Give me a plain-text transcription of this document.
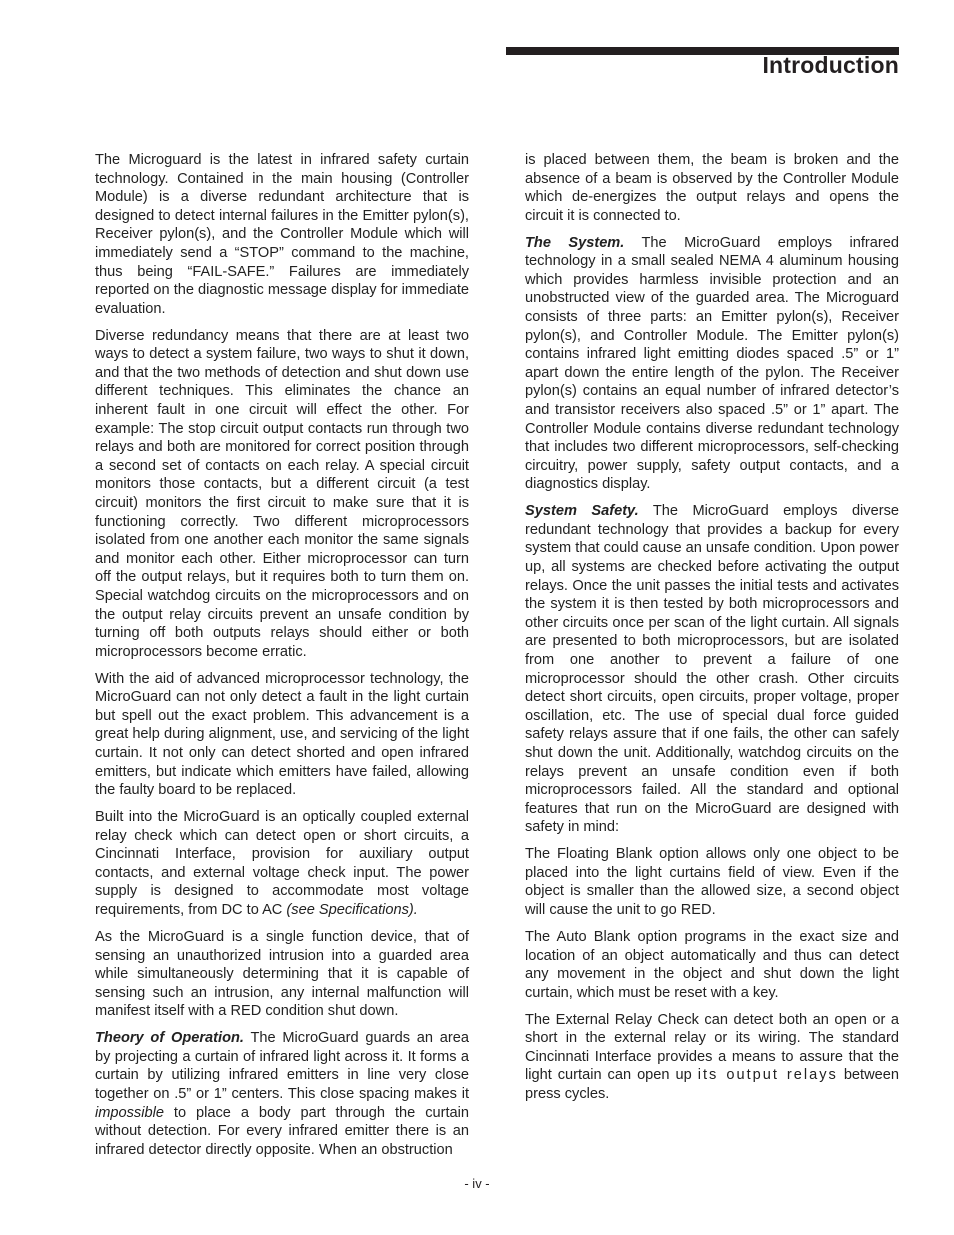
Introduction

The Microguard is the latest in infrared safety curtain technology. Contained in the main housing (Controller Module) is a diverse redundant architecture that is designed to detect internal failures in the Emitter pylon(s), Receiver pylon(s), and the Controller Module which will immediately send a “STOP” command to the machine, thus being “FAIL-SAFE.” Failures are immediately reported on the diagnostic message display for immediate evaluation.

Diverse redundancy means that there are at least two ways to detect a system failure, two ways to shut it down, and that the two methods of detection and shut down use different techniques. This eliminates the chance an inherent fault in one circuit will effect the other. For example: The stop circuit output contacts run through two relays and both are monitored for correct position through a second set of contacts on each relay. A special circuit monitors those contacts, but a different circuit (a test circuit) monitors the first circuit to make sure that it is functioning correctly. Two different microprocessors isolated from one another each monitor the same signals and monitor each other. Either microprocessor can turn off the output relays, but it requires both to turn them on. Special watchdog circuits on the microprocessors and on the output relay circuits prevent an unsafe condition by turning off both outputs relays should either or both microprocessors become erratic.

With the aid of advanced microprocessor technology, the MicroGuard can not only detect a fault in the light curtain but spell out the exact problem. This advancement is a great help during alignment, use, and servicing of the light curtain. It not only can detect shorted and open infrared emitters, but indicate which emitters have failed, allowing the faulty board to be replaced.

Built into the MicroGuard is an optically coupled external relay check which can detect open or short circuits, a Cincinnati Interface, provision for auxiliary output contacts, and external voltage check input. The power supply is designed to accommodate most voltage requirements, from DC to AC (see Specifications).

As the MicroGuard is a single function device, that of sensing an unauthorized intrusion into a guarded area while simultaneously determining that it is capable of sensing such an intrusion, any internal malfunction will manifest itself with a RED condition shut down.

Theory of Operation. The MicroGuard guards an area by projecting a curtain of infrared light across it. It forms a curtain by utilizing infrared emitters in line very close together on .5” or 1” centers. This close spacing makes it impossible to place a body part through the curtain without detection. For every infrared emitter there is an infrared detector directly opposite. When an obstruction

is placed between them, the beam is broken and the absence of a beam is observed by the Controller Module which de-energizes the output relays and opens the circuit it is connected to.

The System. The MicroGuard employs infrared technology in a small sealed NEMA 4 aluminum housing which provides harmless invisible protection and an unobstructed view of the guarded area. The Microguard consists of three parts: an Emitter pylon(s), Receiver pylon(s), and Controller Module. The Emitter pylon(s) contains infrared light emitting diodes spaced .5” or 1” apart down the entire length of the pylon. The Receiver pylon(s) contains an equal number of infrared detector’s and transistor receivers also spaced .5” or 1” apart. The Controller Module contains diverse redundant technology that includes two different microprocessors, self-checking circuitry, power supply, safety output contacts, and a diagnostics display.

System Safety. The MicroGuard employs diverse redundant technology that provides a backup for every system that could cause an unsafe condition. Upon power up, all systems are checked before activating the output relays. Once the unit passes the initial tests and activates the system it is then tested by both microprocessors and other circuits once per scan of the light curtain. All signals are presented to both microprocessors, but are isolated from one another to prevent a failure of one microprocessor should the other crash. Other circuits detect short circuits, open circuits, proper voltage, proper oscillation, etc. The use of special dual force guided safety relays assure that if one fails, the other can safely shut down the unit. Additionally, watchdog circuits on the relays prevent an unsafe condition even if both microprocessors failed. All the standard and optional features that run on the MicroGuard are designed with safety in mind:

The Floating Blank option allows only one object to be placed into the light curtains field of view. Even if the object is smaller than the allowed size, a second object will cause the unit to go RED.

The Auto Blank option programs in the exact size and location of an object automatically and thus can detect any movement in the object and shut down the light curtain, which must be reset with a key.

The External Relay Check can detect both an open or a short in the external relay or its wiring. The standard Cincinnati Interface provides a means to assure that the light curtain can open up its output relays between press cycles.

- iv -
